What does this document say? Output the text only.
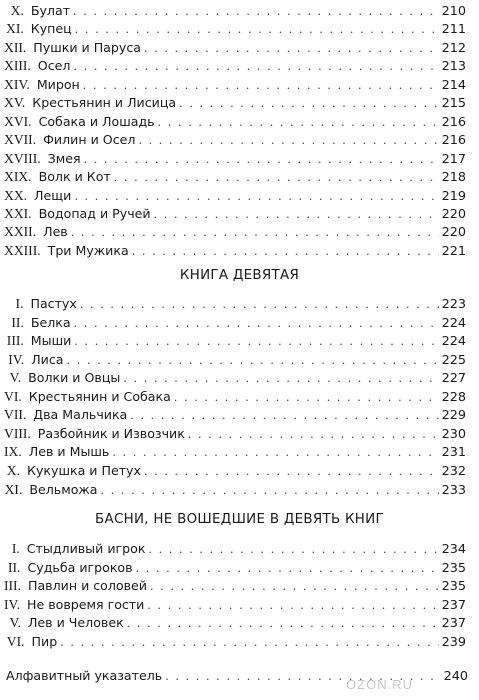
X. Булат . . .	210
XI. Купец . . .	211
XII. Пушки и Паруса . . .	212
XIII. Осел . . .	213
XIV. Мирон . . .	214
XV. Крестьянин и Лисица . . .	215
XVI. Собака и Лошадь . . .	216
XVII. Филин и Осел . . .	216
XVIII. Змея . . .	217
XIX. Волк и Кот . . .	218
XX. Лещи . . .	219
XXI. Водопад и Ручей . . .	220
XXII. Лев . . .	220
XXIII. Три Мужика . . .	221
КНИГА ДЕВЯТАЯ
I. Пастух . . .	223
II. Белка . . .	224
III. Мыши . . .	224
IV. Лиса . . .	225
V. Волки и Овцы . . .	227
VI. Крестьянин и Собака . . .	228
VII. Два Мальчика . . .	229
VIII. Разбойник и Извозчик . . .	230
IX. Лев и Мышь . . .	231
X. Кукушка и Петух . . .	232
XI. Вельможа . . .	233
БАСНИ, НЕ ВОШЕДШИЕ В ДЕВЯТЬ КНИГ
I. Стыдливый игрок . . .	234
II. Судьба игроков . . .	235
III. Павлин и соловей . . .	235
IV. Не вовремя гости . . .	237
V. Лев и Человек . . .	237
VI. Пир . . .	239
Алфавитный указатель . . .	240
OZON.RU
